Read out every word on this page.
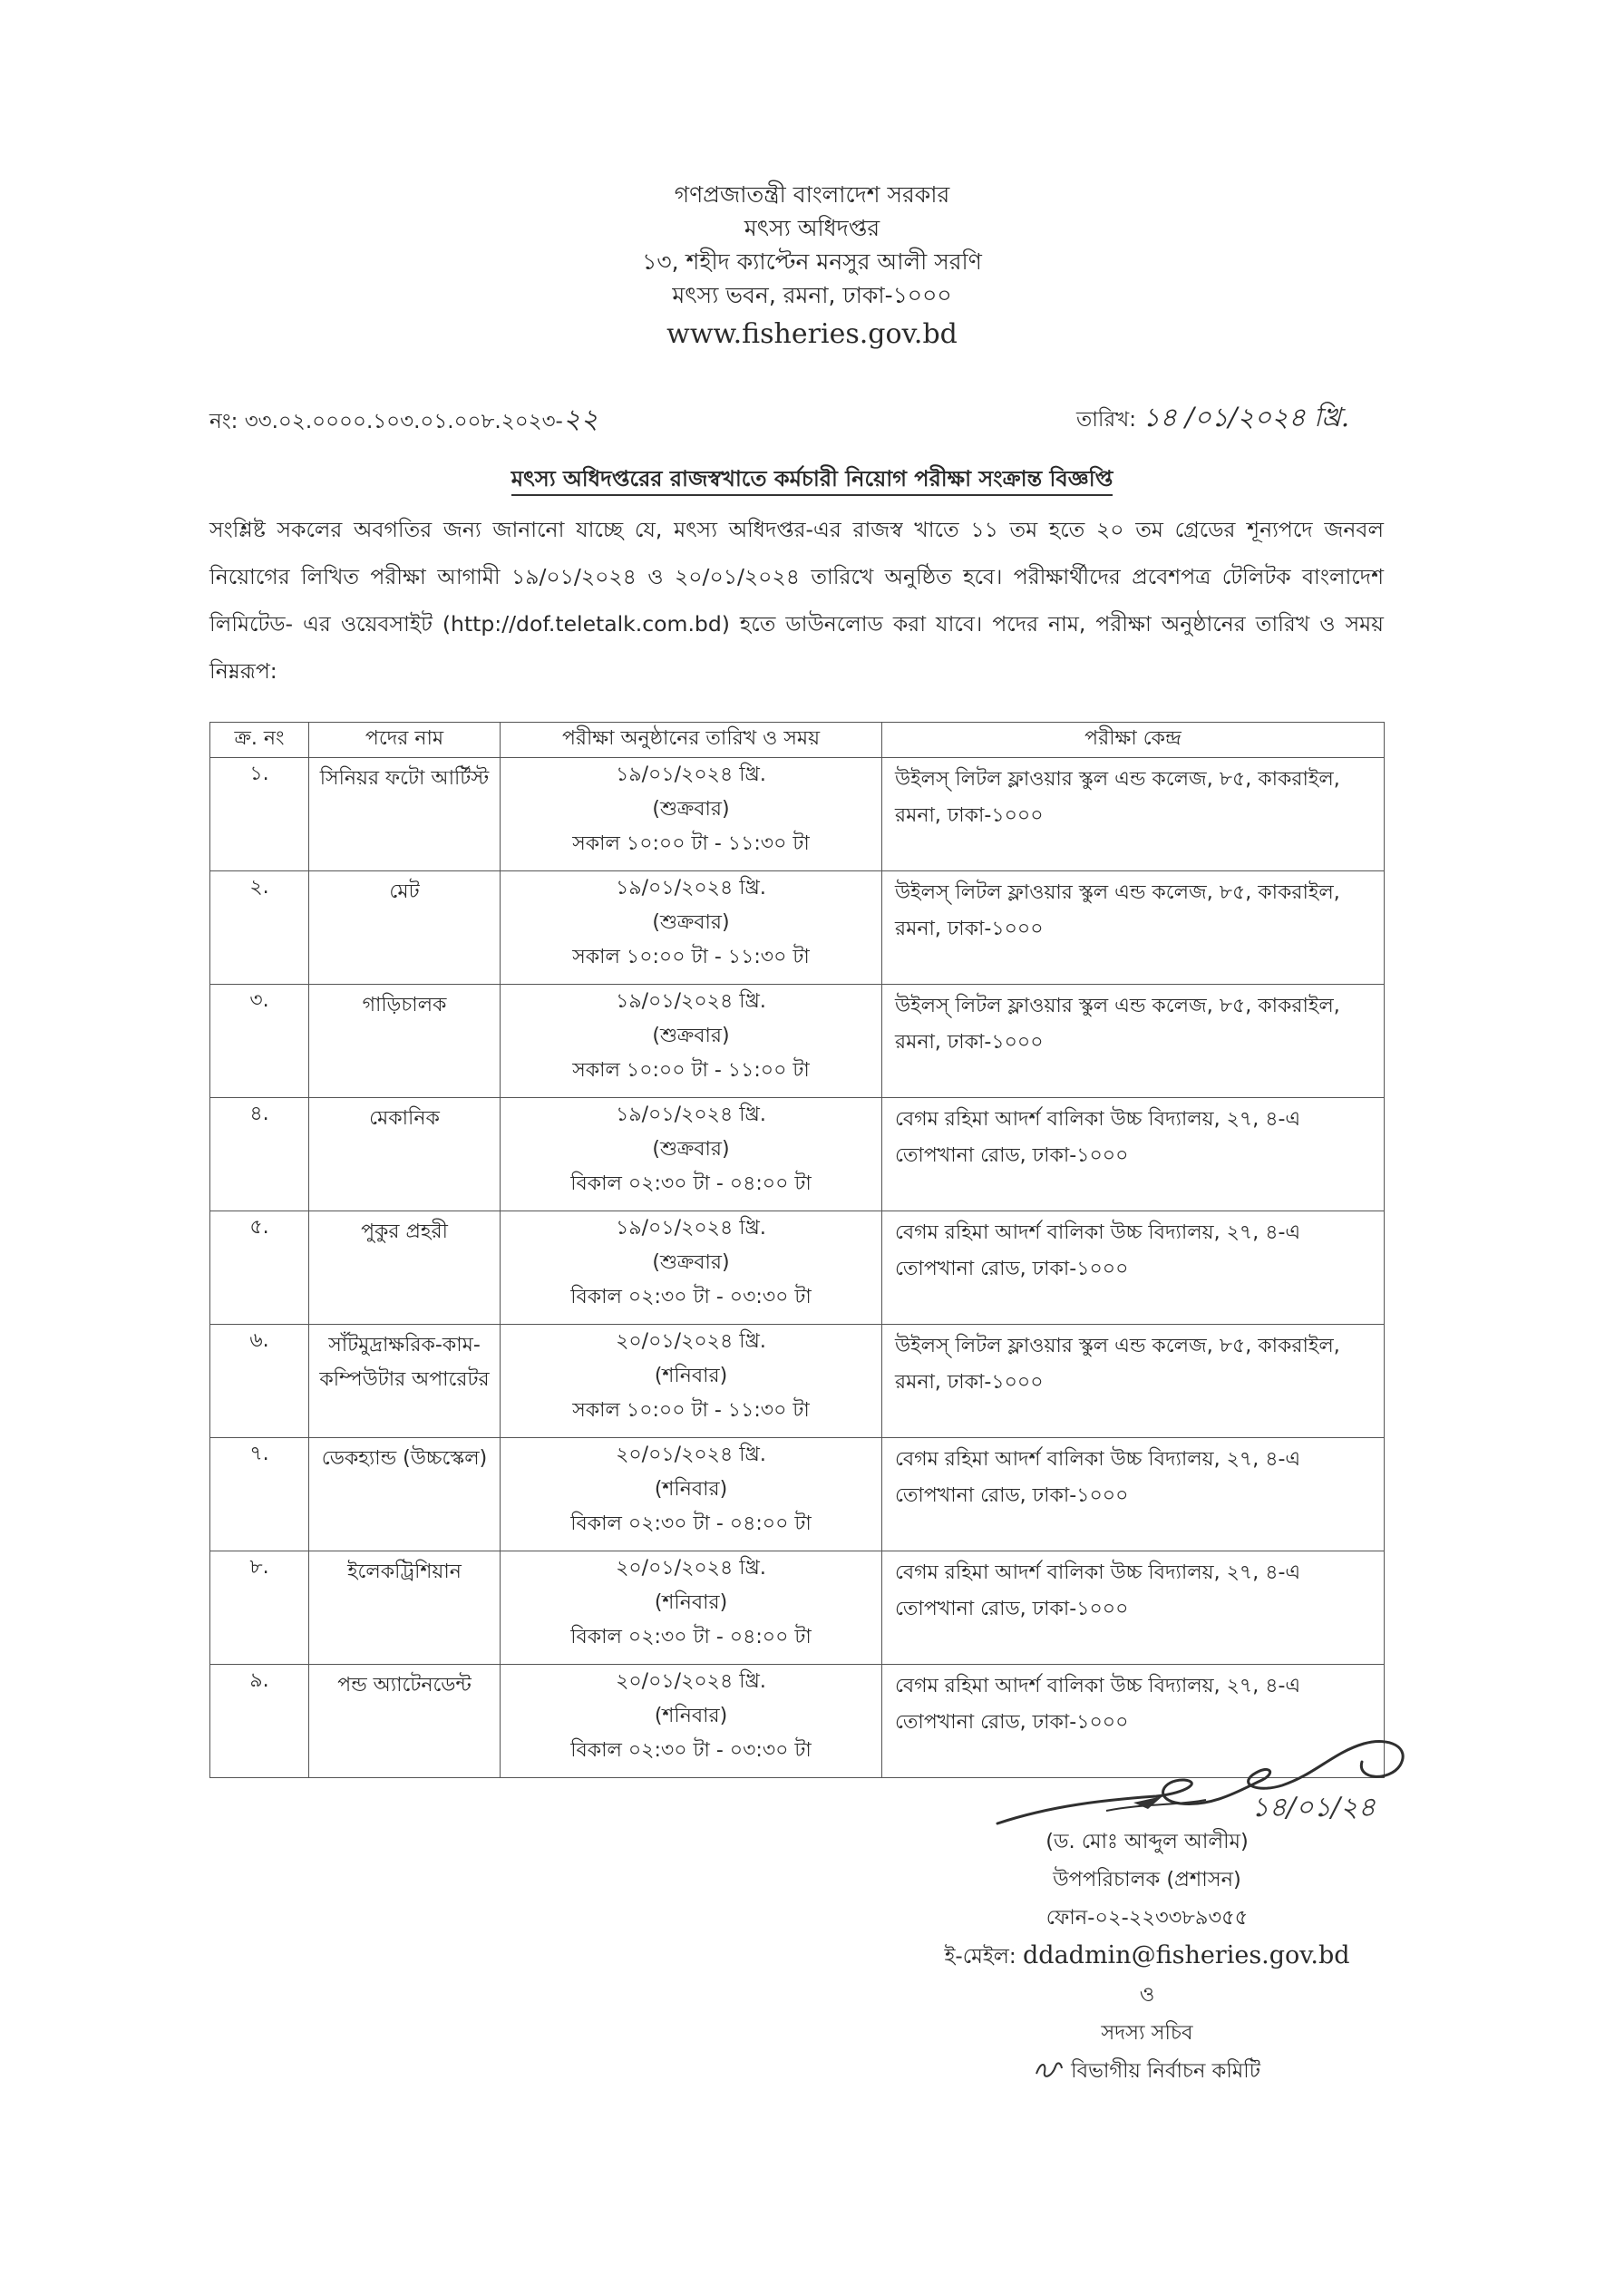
গণপ্রজাতন্ত্রী বাংলাদেশ সরকার
মৎস্য অধিদপ্তর
১৩, শহীদ ক্যাপ্টেন মনসুর আলী সরণি
মৎস্য ভবন, রমনা, ঢাকা-১০০০
www.fisheries.gov.bd
নং: ৩৩.০২.০০০০.১০৩.০১.০০৮.২০২৩-২২	তারিখ: ১৪ /০১/২০২৪ খ্রি.
মৎস্য অধিদপ্তরের রাজস্বখাতে কর্মচারী নিয়োগ পরীক্ষা সংক্রান্ত বিজ্ঞপ্তি
সংশ্লিষ্ট সকলের অবগতির জন্য জানানো যাচ্ছে যে, মৎস্য অধিদপ্তর-এর রাজস্ব খাতে ১১ তম হতে ২০ তম গ্রেডের শূন্যপদে জনবল নিয়োগের লিখিত পরীক্ষা আগামী ১৯/০১/২০২৪ ও ২০/০১/২০২৪ তারিখে অনুষ্ঠিত হবে। পরীক্ষার্থীদের প্রবেশপত্র টেলিটক বাংলাদেশ লিমিটেড- এর ওয়েবসাইট (http://dof.teletalk.com.bd) হতে ডাউনলোড করা যাবে। পদের নাম, পরীক্ষা অনুষ্ঠানের তারিখ ও সময় নিম্নরূপ:
ক্র. নং	পদের নাম	পরীক্ষা অনুষ্ঠানের তারিখ ও সময়	পরীক্ষা কেন্দ্র
১.	সিনিয়র ফটো আর্টিস্ট	১৯/০১/২০২৪ খ্রি.
(শুক্রবার)
সকাল ১০:০০ টা - ১১:৩০ টা	উইলস্ লিটল ফ্লাওয়ার স্কুল এন্ড কলেজ, ৮৫, কাকরাইল, রমনা, ঢাকা-১০০০
২.	মেট	১৯/০১/২০২৪ খ্রি.
(শুক্রবার)
সকাল ১০:০০ টা - ১১:৩০ টা	উইলস্ লিটল ফ্লাওয়ার স্কুল এন্ড কলেজ, ৮৫, কাকরাইল, রমনা, ঢাকা-১০০০
৩.	গাড়িচালক	১৯/০১/২০২৪ খ্রি.
(শুক্রবার)
সকাল ১০:০০ টা - ১১:০০ টা	উইলস্ লিটল ফ্লাওয়ার স্কুল এন্ড কলেজ, ৮৫, কাকরাইল, রমনা, ঢাকা-১০০০
৪.	মেকানিক	১৯/০১/২০২৪ খ্রি.
(শুক্রবার)
বিকাল ০২:৩০ টা - ০৪:০০ টা	বেগম রহিমা আদর্শ বালিকা উচ্চ বিদ্যালয়, ২৭, ৪-এ তোপখানা রোড, ঢাকা-১০০০
৫.	পুকুর প্রহরী	১৯/০১/২০২৪ খ্রি.
(শুক্রবার)
বিকাল ০২:৩০ টা - ০৩:৩০ টা	বেগম রহিমা আদর্শ বালিকা উচ্চ বিদ্যালয়, ২৭, ৪-এ তোপখানা রোড, ঢাকা-১০০০
৬.	সাঁটমুদ্রাক্ষরিক-কাম-কম্পিউটার অপারেটর	২০/০১/২০২৪ খ্রি.
(শনিবার)
সকাল ১০:০০ টা - ১১:৩০ টা	উইলস্ লিটল ফ্লাওয়ার স্কুল এন্ড কলেজ, ৮৫, কাকরাইল, রমনা, ঢাকা-১০০০
৭.	ডেকহ্যান্ড (উচ্চস্কেল)	২০/০১/২০২৪ খ্রি.
(শনিবার)
বিকাল ০২:৩০ টা - ০৪:০০ টা	বেগম রহিমা আদর্শ বালিকা উচ্চ বিদ্যালয়, ২৭, ৪-এ তোপখানা রোড, ঢাকা-১০০০
৮.	ইলেকট্রিশিয়ান	২০/০১/২০২৪ খ্রি.
(শনিবার)
বিকাল ০২:৩০ টা - ০৪:০০ টা	বেগম রহিমা আদর্শ বালিকা উচ্চ বিদ্যালয়, ২৭, ৪-এ তোপখানা রোড, ঢাকা-১০০০
৯.	পন্ড অ্যাটেনডেন্ট	২০/০১/২০২৪ খ্রি.
(শনিবার)
বিকাল ০২:৩০ টা - ০৩:৩০ টা	বেগম রহিমা আদর্শ বালিকা উচ্চ বিদ্যালয়, ২৭, ৪-এ তোপখানা রোড, ঢাকা-১০০০
১৪/০১/২৪
(ড. মোঃ আব্দুল আলীম)
উপপরিচালক (প্রশাসন)
ফোন-০২-২২৩৩৮৯৩৫৫
ই-মেইল: ddadmin@fisheries.gov.bd
ও
সদস্য সচিব
বিভাগীয় নির্বাচন কমিটি
